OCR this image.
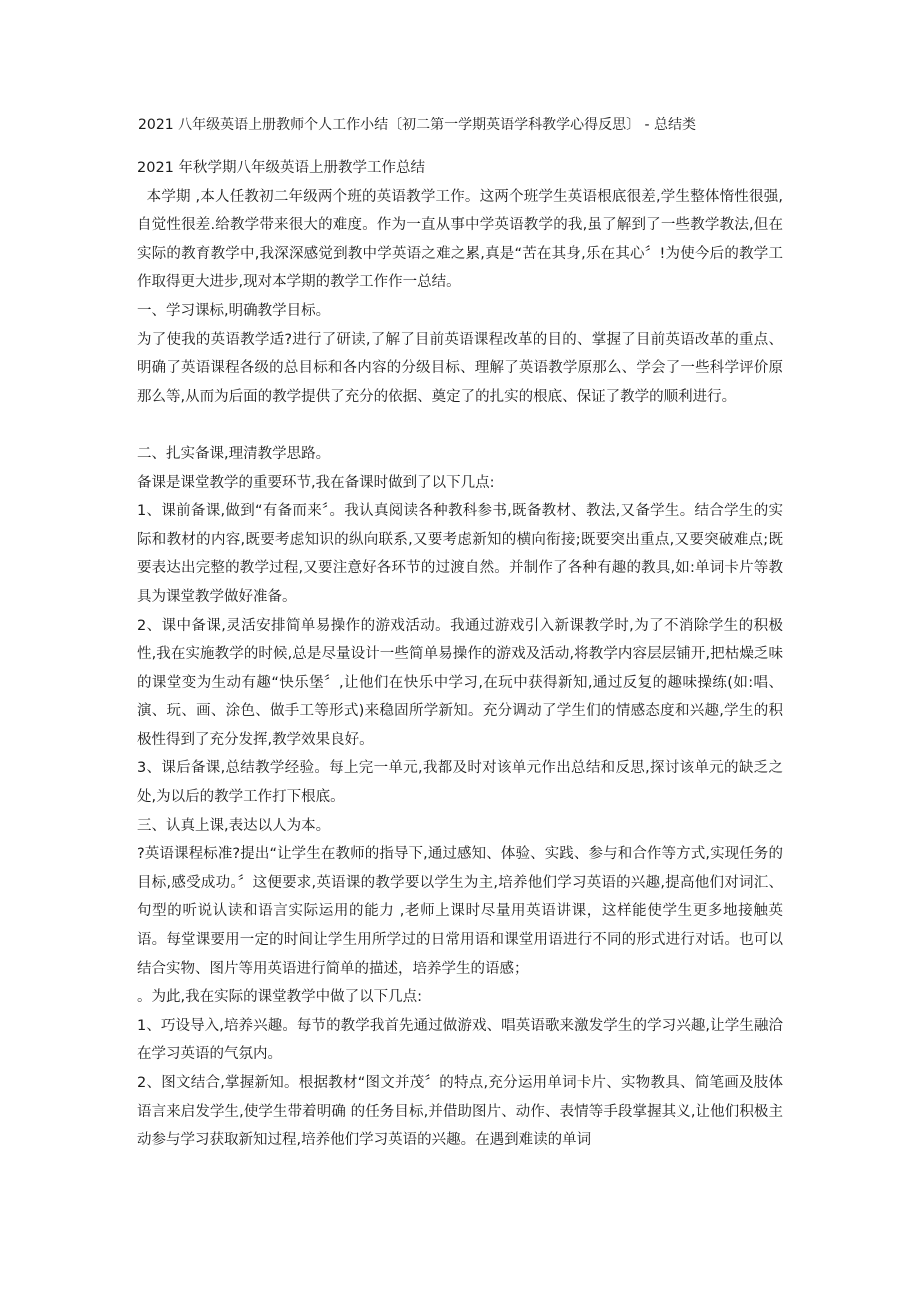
2021 八年级英语上册教师个人工作小结〔初二第一学期英语学科教学心得反思〕 - 总结类

2021 年秋学期八年级英语上册教学工作总结

本学期 ,本人任教初二年级两个班的英语教学工作。这两个班学生英语根底很差,学生整体惰性很强,自觉性很差.给教学带来很大的难度。作为一直从事中学英语教学的我,虽了解到了一些教学教法,但在实际的教育教学中,我深深感觉到教中学英语之难之累,真是“苦在其身,乐在其心〞!为使今后的教学工作取得更大进步,现对本学期的教学工作作一总结。

一、学习课标,明确教学目标。

为了使我的英语教学适?进行了研读,了解了目前英语课程改革的目的、掌握了目前英语改革的重点、明确了英语课程各级的总目标和各内容的分级目标、理解了英语教学原那么、学会了一些科学评价原那么等,从而为后面的教学提供了充分的依据、奠定了的扎实的根底、保证了教学的顺利进行。

二、扎实备课,理清教学思路。

备课是课堂教学的重要环节,我在备课时做到了以下几点:

1、课前备课,做到“有备而来〞。我认真阅读各种教科参书,既备教材、教法,又备学生。结合学生的实际和教材的内容,既要考虑知识的纵向联系,又要考虑新知的横向衔接;既要突出重点,又要突破难点;既要表达出完整的教学过程,又要注意好各环节的过渡自然。并制作了各种有趣的教具,如:单词卡片等教具为课堂教学做好准备。

2、课中备课,灵活安排简单易操作的游戏活动。我通过游戏引入新课教学时,为了不消除学生的积极性,我在实施教学的时候,总是尽量设计一些简单易操作的游戏及活动,将教学内容层层铺开,把枯燥乏味的课堂变为生动有趣“快乐堡〞,让他们在快乐中学习,在玩中获得新知,通过反复的趣味操练(如:唱、演、玩、画、涂色、做手工等形式)来稳固所学新知。充分调动了学生们的情感态度和兴趣,学生的积极性得到了充分发挥,教学效果良好。

3、课后备课,总结教学经验。每上完一单元,我都及时对该单元作出总结和反思,探讨该单元的缺乏之处,为以后的教学工作打下根底。

三、认真上课,表达以人为本。

?英语课程标准?提出“让学生在教师的指导下,通过感知、体验、实践、参与和合作等方式,实现任务的目标,感受成功。〞这便要求,英语课的教学要以学生为主,培养他们学习英语的兴趣,提高他们对词汇、句型的听说认读和语言实际运用的能力 ,老师上课时尽量用英语讲课，这样能使学生更多地接触英语。每堂课要用一定的时间让学生用所学过的日常用语和课堂用语进行不同的形式进行对话。也可以结合实物、图片等用英语进行简单的描述，培养学生的语感；

。为此,我在实际的课堂教学中做了以下几点:

1、巧设导入,培养兴趣。每节的教学我首先通过做游戏、唱英语歌来激发学生的学习兴趣,让学生融洽在学习英语的气氛内。

2、图文结合,掌握新知。根据教材“图文并茂〞的特点,充分运用单词卡片、实物教具、简笔画及肢体语言来启发学生,使学生带着明确 的任务目标,并借助图片、动作、表情等手段掌握其义,让他们积极主动参与学习获取新知过程,培养他们学习英语的兴趣。在遇到难读的单词
